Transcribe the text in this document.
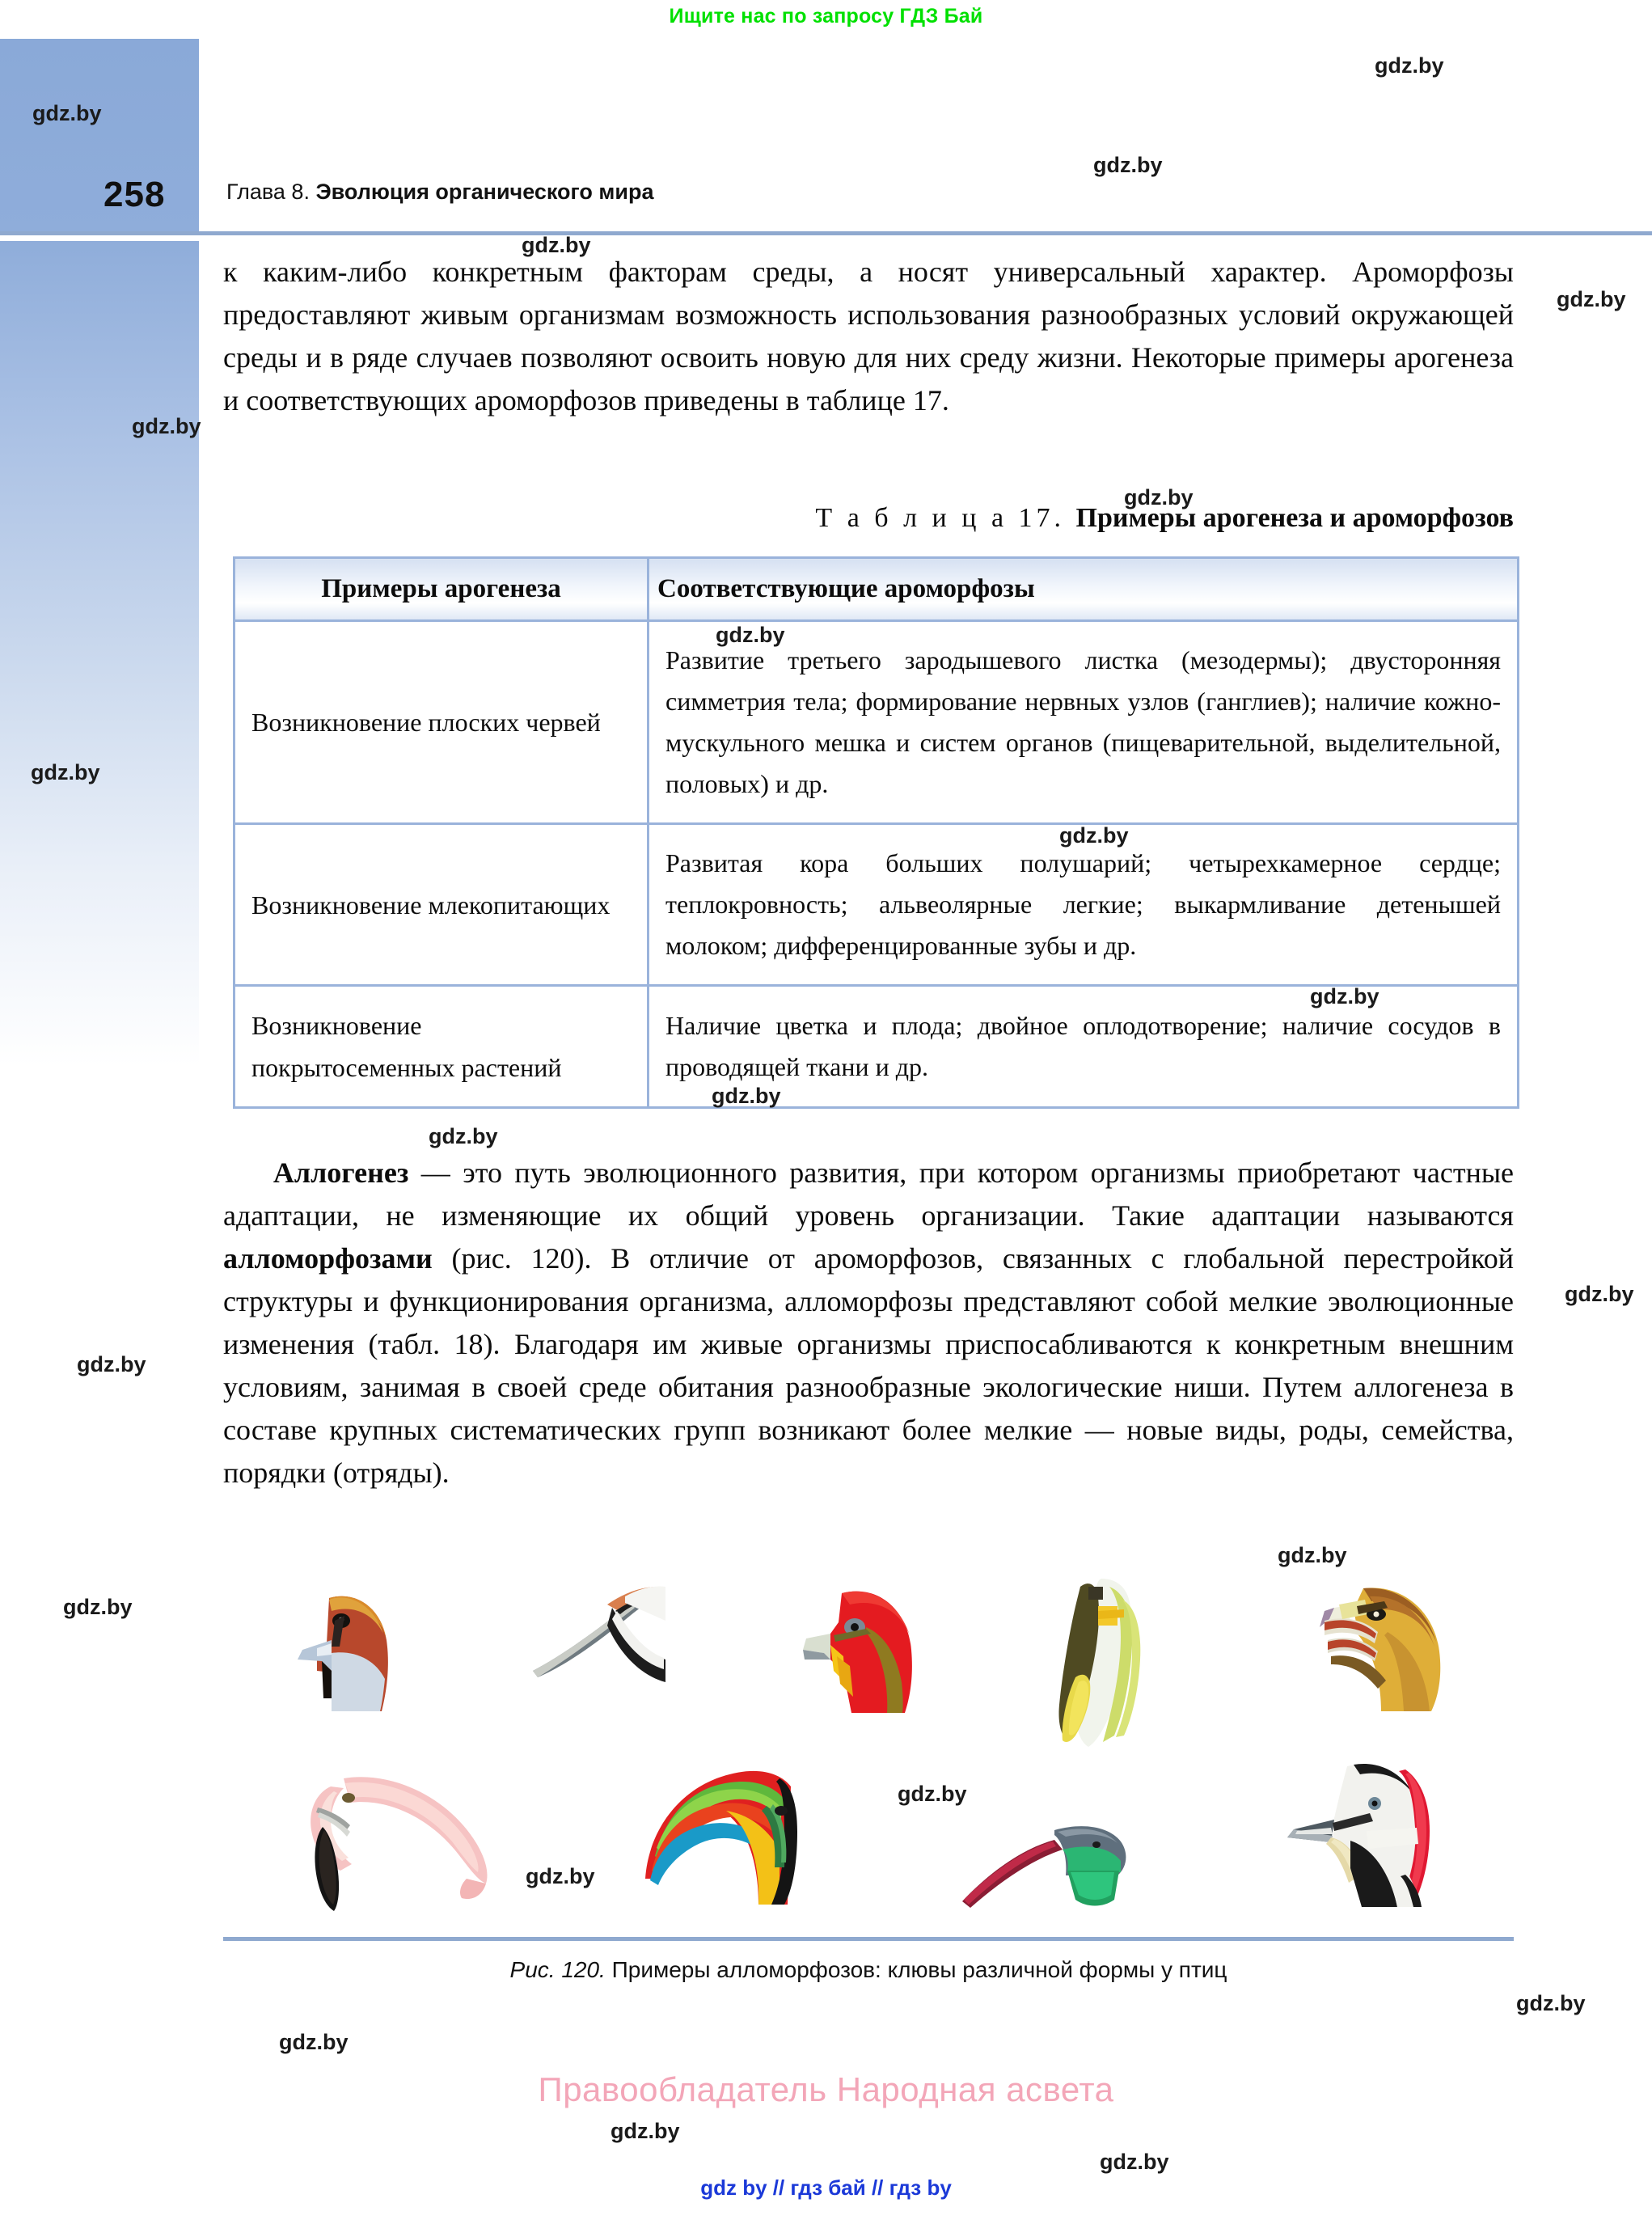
Ищите нас по запросу ГДЗ Бай
258	Глава 8. Эволюция органического мира
к каким-либо конкретным факторам среды, а носят универсальный характер. Ароморфозы предоставляют живым организмам возможность использования разнообразных условий окружающей среды и в ряде случаев позволяют освоить новую для них среду жизни. Некоторые примеры арогенеза и соответствующих ароморфозов приведены в таблице 17.
Т а б л и ц а 17. Примеры арогенеза и ароморфозов
Примеры арогенеза	Соответствующие ароморфозы
Возникновение плоских червей	Развитие третьего зародышевого листка (мезодермы); двусторонняя симметрия тела; формирование нервных узлов (ганглиев); наличие кожно-мускульного мешка и систем органов (пищеварительной, выделительной, половых) и др.
Возникновение млекопитающих	Развитая кора больших полушарий; четырехкамерное сердце; теплокровность; альвеолярные легкие; выкармливание детенышей молоком; дифференцированные зубы и др.
Возникновение покрытосеменных растений	Наличие цветка и плода; двойное оплодотворение; наличие сосудов в проводящей ткани и др.
Аллогенез — это путь эволюционного развития, при котором организмы приобретают частные адаптации, не изменяющие их общий уровень организации. Такие адаптации называются алломорфозами (рис. 120). В отличие от ароморфозов, связанных с глобальной перестройкой структуры и функционирования организма, алломорфозы представляют собой мелкие эволюционные изменения (табл. 18). Благодаря им живые организмы приспосабливаются к конкретным внешним условиям, занимая в своей среде обитания разнообразные экологические ниши. Путем аллогенеза в составе крупных систематических групп возникают более мелкие — новые виды, роды, семейства, порядки (отряды).
Рис. 120. Примеры алломорфозов: клювы различной формы у птиц
Правообладатель Народная асвета
gdz by // гдз бай // гдз by
gdz.by
gdz.by
gdz.by
gdz.by
gdz.by
gdz.by
gdz.by
gdz.by
gdz.by
gdz.by
gdz.by
gdz.by
gdz.by
gdz.by
gdz.by
gdz.by
gdz.by
gdz.by
gdz.by
gdz.by
gdz.by
gdz.by
gdz.by
